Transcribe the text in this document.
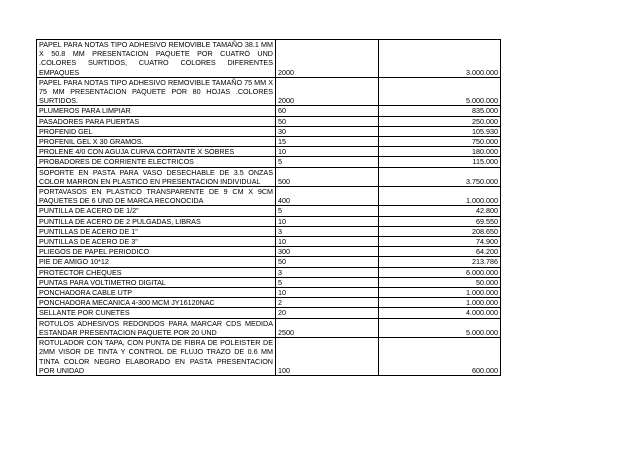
PAPEL PARA NOTAS TIPO ADHESIVO REMOVIBLE TAMAÑO 38.1 MM X 50.8 MM PRESENTACION PAQUETE POR CUATRO UND .COLORES SURTIDOS, CUATRO COLORES DIFERENTES EMPAQUES	2000	3.000.000
PAPEL PARA NOTAS TIPO ADHESIVO REMOVIBLE TAMAÑO 75 MM X 75 MM PRESENTACION PAQUETE POR 80 HOJAS .COLORES SURTIDOS.	2000	5.000.000
PLUMEROS PARA LIMPIAR	60	835.000
PASADORES PARA PUERTAS	50	250.000
PROFENID GEL	30	105.930
PROFENIL GEL X 30 GRAMOS.	15	750.000
PROLENE 4/0 CON AGUJA CURVA CORTANTE X SOBRES	10	180.000
PROBADORES DE CORRIENTE ELECTRICOS	5	115.000
SOPORTE EN PASTA PARA VASO DESECHABLE DE 3.5 ONZAS COLOR MARRON EN PLASTICO EN PRESENTACION INDIVIDUAL	500	3.750.000
PORTAVASOS EN PLASTICO TRANSPARENTE DE 9 CM X 9CM PAQUETES DE 6 UND DE MARCA RECONOCIDA	400	1.000.000
PUNTILLA DE ACERO DE 1/2"	5	42.800
PUNTILLA DE ACERO DE 2 PULGADAS, LIBRAS	10	69.550
PUNTILLAS DE ACERO DE 1"	3	208.650
PUNTILLAS DE ACERO DE 3"	10	74.900
PLIEGOS DE PAPEL PERIODICO	300	64.200
PIE DE AMIGO 10*12	50	213.786
PROTECTOR CHEQUES	3	6.000.000
PUNTAS PARA VOLTIMETRO DIGITAL	5	50.000
PONCHADORA CABLE UTP	10	1.000.000
PONCHADORA MECANICA 4-300 MCM JY16120NAC	2	1.000.000
SELLANTE POR CUNETES	20	4.000.000
ROTULOS ADHESIVOS REDONDOS PARA MARCAR CDS MEDIDA ESTANDAR PRESENTACION PAQUETE POR 20 UND	2500	5.000.000
ROTULADOR CON TAPA, CON PUNTA DE FIBRA DE POLEISTER DE 2MM VISOR DE TINTA Y CONTROL DE FLUJO TRAZO DE 0.6 MM TINTA COLOR NEGRO ELABORADO EN PASTA PRESENTACION POR UNIDAD	100	600.000
